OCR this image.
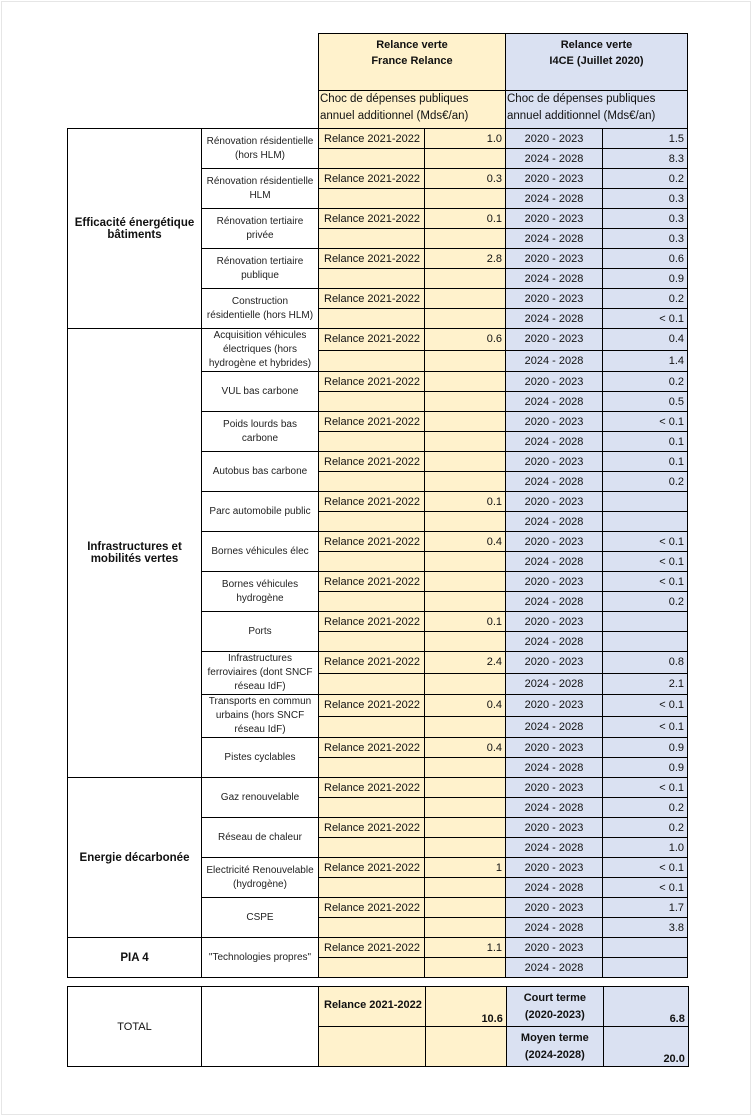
		Relance verte
France Relance		Relance verte
I4CE (Juillet 2020)	
		Choc de dépenses publiques annuel additionnel (Mds€/an)		Choc de dépenses publiques annuel additionnel (Mds€/an)	
Efficacité énergétique bâtiments	Rénovation résidentielle (hors HLM)	Relance 2021-2022	1.0	2020 - 2023	1.5
				2024 - 2028	8.3
	Rénovation résidentielle HLM	Relance 2021-2022	0.3	2020 - 2023	0.2
				2024 - 2028	0.3
	Rénovation tertiaire privée	Relance 2021-2022	0.1	2020 - 2023	0.3
				2024 - 2028	0.3
	Rénovation tertiaire publique	Relance 2021-2022	2.8	2020 - 2023	0.6
				2024 - 2028	0.9
	Construction résidentielle (hors HLM)	Relance 2021-2022		2020 - 2023	0.2
				2024 - 2028	< 0.1
Infrastructures et mobilités vertes	Acquisition véhicules électriques (hors hydrogène et hybrides)	Relance 2021-2022	0.6	2020 - 2023	0.4
				2024 - 2028	1.4
	VUL bas carbone	Relance 2021-2022		2020 - 2023	0.2
				2024 - 2028	0.5
	Poids lourds bas carbone	Relance 2021-2022		2020 - 2023	< 0.1
				2024 - 2028	0.1
	Autobus bas carbone	Relance 2021-2022		2020 - 2023	0.1
				2024 - 2028	0.2
	Parc automobile public	Relance 2021-2022	0.1	2020 - 2023	
				2024 - 2028	
	Bornes véhicules élec	Relance 2021-2022	0.4	2020 - 2023	< 0.1
				2024 - 2028	< 0.1
	Bornes véhicules hydrogène	Relance 2021-2022		2020 - 2023	< 0.1
				2024 - 2028	0.2
	Ports	Relance 2021-2022	0.1	2020 - 2023	
				2024 - 2028	
	Infrastructures ferroviaires (dont SNCF réseau IdF)	Relance 2021-2022	2.4	2020 - 2023	0.8
				2024 - 2028	2.1
	Transports en commun urbains (hors SNCF réseau IdF)	Relance 2021-2022	0.4	2020 - 2023	< 0.1
				2024 - 2028	< 0.1
	Pistes cyclables	Relance 2021-2022	0.4	2020 - 2023	0.9
				2024 - 2028	0.9
Energie décarbonée	Gaz renouvelable	Relance 2021-2022		2020 - 2023	< 0.1
				2024 - 2028	0.2
	Réseau de chaleur	Relance 2021-2022		2020 - 2023	0.2
				2024 - 2028	1.0
	Electricité Renouvelable (hydrogène)	Relance 2021-2022	1	2020 - 2023	< 0.1
				2024 - 2028	< 0.1
	CSPE	Relance 2021-2022		2020 - 2023	1.7
				2024 - 2028	3.8
PIA 4	"Technologies propres"	Relance 2021-2022	1.1	2020 - 2023	
				2024 - 2028	
TOTAL		Relance 2021-2022	10.6	Court terme
(2020-2023)	6.8
				Moyen terme
(2024-2028)	20.0
